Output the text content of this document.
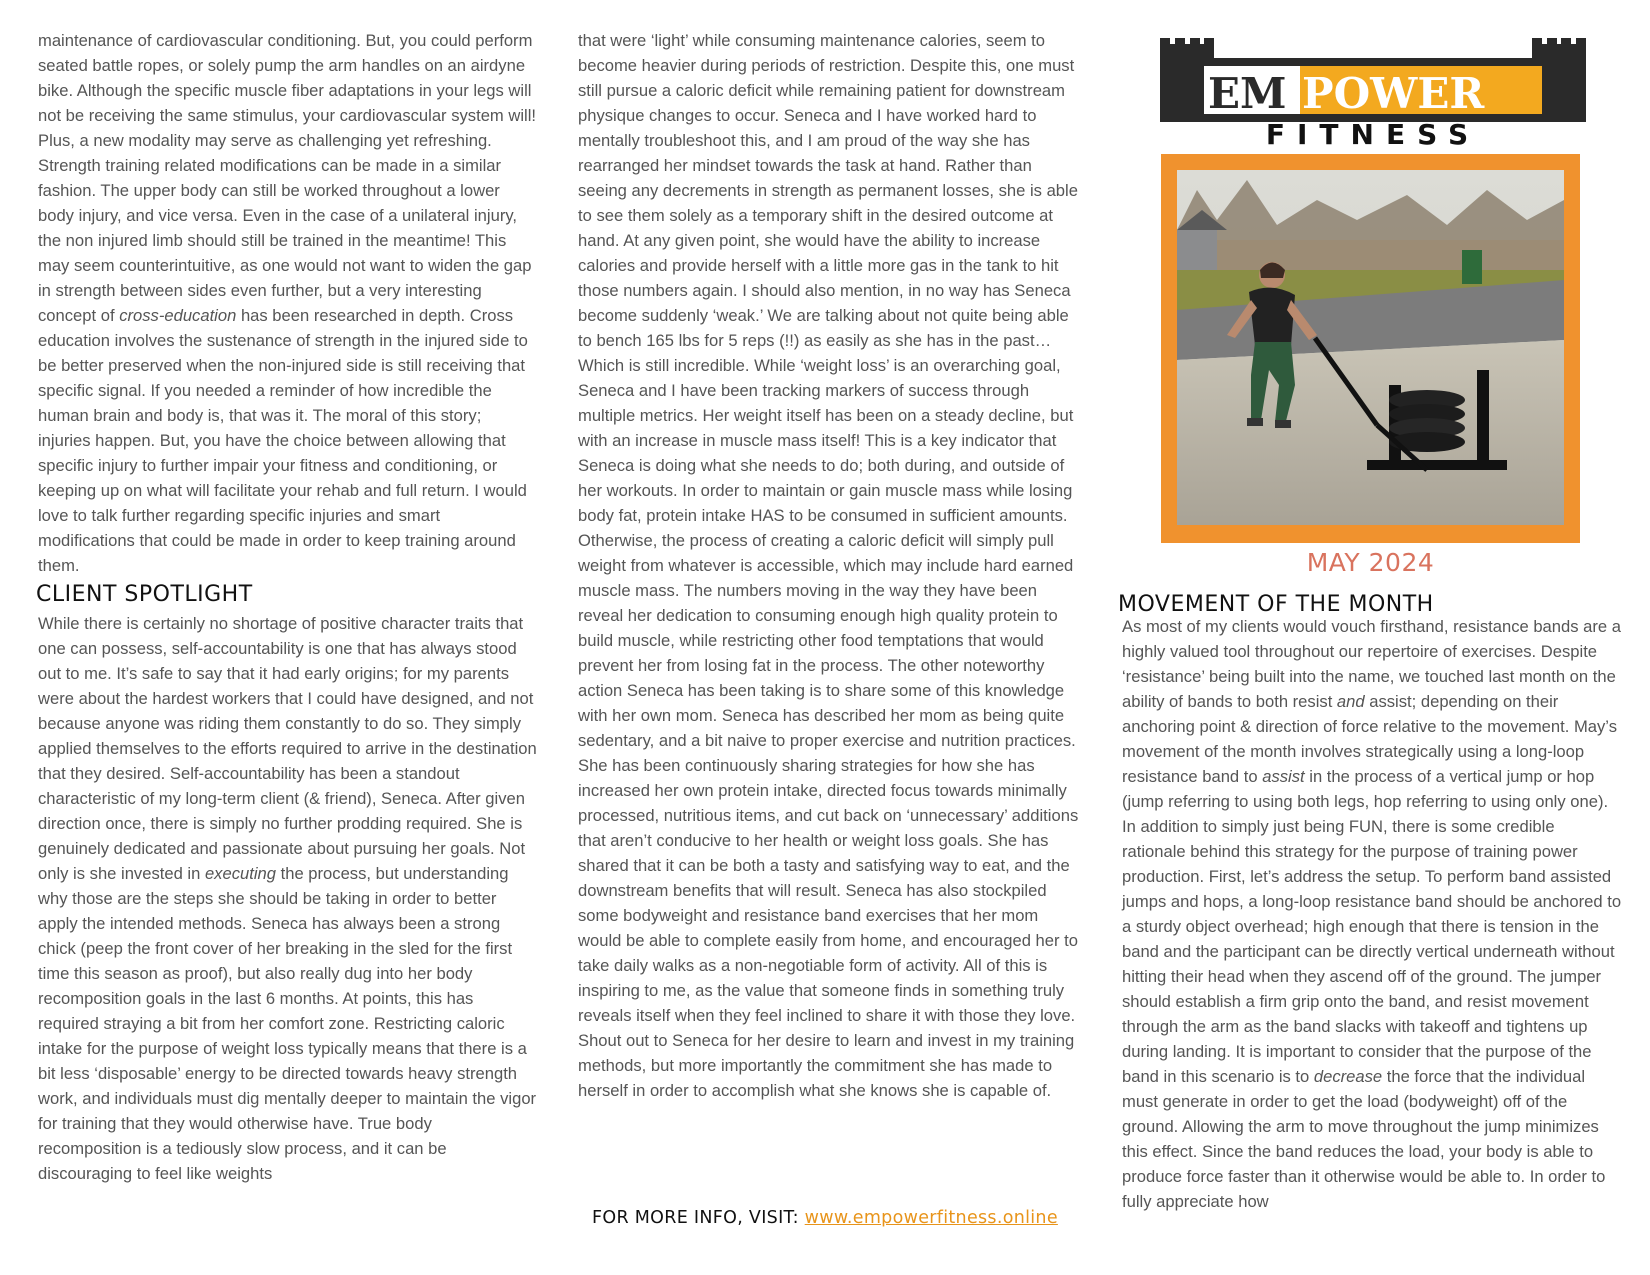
maintenance of cardiovascular conditioning. But, you could perform seated battle ropes, or solely pump the arm handles on an airdyne bike. Although the specific muscle fiber adaptations in your legs will not be receiving the same stimulus, your cardiovascular system will! Plus, a new modality may serve as challenging yet refreshing. Strength training related modifications can be made in a similar fashion. The upper body can still be worked throughout a lower body injury, and vice versa. Even in the case of a unilateral injury, the non injured limb should still be trained in the meantime! This may seem counterintuitive, as one would not want to widen the gap in strength between sides even further, but a very interesting concept of cross-education has been researched in depth. Cross education involves the sustenance of strength in the injured side to be better preserved when the non-injured side is still receiving that specific signal. If you needed a reminder of how incredible the human brain and body is, that was it. The moral of this story; injuries happen. But, you have the choice between allowing that specific injury to further impair your fitness and conditioning, or keeping up on what will facilitate your rehab and full return. I would love to talk further regarding specific injuries and smart modifications that could be made in order to keep training around them.

CLIENT SPOTLIGHT

While there is certainly no shortage of positive character traits that one can possess, self-accountability is one that has always stood out to me. It’s safe to say that it had early origins; for my parents were about the hardest workers that I could have designed, and not because anyone was riding them constantly to do so. They simply applied themselves to the efforts required to arrive in the destination that they desired. Self-accountability has been a standout characteristic of my long-term client (& friend), Seneca. After given direction once, there is simply no further prodding required. She is genuinely dedicated and passionate about pursuing her goals. Not only is she invested in executing the process, but understanding why those are the steps she should be taking in order to better apply the intended methods. Seneca has always been a strong chick (peep the front cover of her breaking in the sled for the first time this season as proof), but also really dug into her body recomposition goals in the last 6 months. At points, this has required straying a bit from her comfort zone. Restricting caloric intake for the purpose of weight loss typically means that there is a bit less ‘disposable’ energy to be directed towards heavy strength work, and individuals must dig mentally deeper to maintain the vigor for training that they would otherwise have. True body recomposition is a tediously slow process, and it can be discouraging to feel like weights

that were ‘light’ while consuming maintenance calories, seem to become heavier during periods of restriction. Despite this, one must still pursue a caloric deficit while remaining patient for downstream physique changes to occur. Seneca and I have worked hard to mentally troubleshoot this, and I am proud of the way she has rearranged her mindset towards the task at hand. Rather than seeing any decrements in strength as permanent losses, she is able to see them solely as a temporary shift in the desired outcome at hand. At any given point, she would have the ability to increase calories and provide herself with a little more gas in the tank to hit those numbers again. I should also mention, in no way has Seneca become suddenly ‘weak.’ We are talking about not quite being able to bench 165 lbs for 5 reps (!!) as easily as she has in the past…Which is still incredible. While ‘weight loss’ is an overarching goal, Seneca and I have been tracking markers of success through multiple metrics. Her weight itself has been on a steady decline, but with an increase in muscle mass itself! This is a key indicator that Seneca is doing what she needs to do; both during, and outside of her workouts. In order to maintain or gain muscle mass while losing body fat, protein intake HAS to be consumed in sufficient amounts. Otherwise, the process of creating a caloric deficit will simply pull weight from whatever is accessible, which may include hard earned muscle mass. The numbers moving in the way they have been reveal her dedication to consuming enough high quality protein to build muscle, while restricting other food temptations that would prevent her from losing fat in the process. The other noteworthy action Seneca has been taking is to share some of this knowledge with her own mom. Seneca has described her mom as being quite sedentary, and a bit naive to proper exercise and nutrition practices. She has been continuously sharing strategies for how she has increased her own protein intake, directed focus towards minimally processed, nutritious items, and cut back on ‘unnecessary’ additions that aren’t conducive to her health or weight loss goals. She has shared that it can be both a tasty and satisfying way to eat, and the downstream benefits that will result. Seneca has also stockpiled some bodyweight and resistance band exercises that her mom would be able to complete easily from home, and encouraged her to take daily walks as a non-negotiable form of activity. All of this is inspiring to me, as the value that someone finds in something truly reveals itself when they feel inclined to share it with those they love. Shout out to Seneca for her desire to learn and invest in my training methods, but more importantly the commitment she has made to herself in order to accomplish what she knows she is capable of.

FOR MORE INFO, VISIT: www.empowerfitness.online
EM POWER
FITNESS
MAY 2024
MOVEMENT OF THE MONTH

As most of my clients would vouch firsthand, resistance bands are a highly valued tool throughout our repertoire of exercises. Despite ‘resistance’ being built into the name, we touched last month on the ability of bands to both resist and assist; depending on their anchoring point & direction of force relative to the movement. May’s movement of the month involves strategically using a long-loop resistance band to assist in the process of a vertical jump or hop (jump referring to using both legs, hop referring to using only one). In addition to simply just being FUN, there is some credible rationale behind this strategy for the purpose of training power production. First, let’s address the setup. To perform band assisted jumps and hops, a long-loop resistance band should be anchored to a sturdy object overhead; high enough that there is tension in the band and the participant can be directly vertical underneath without hitting their head when they ascend off of the ground. The jumper should establish a firm grip onto the band, and resist movement through the arm as the band slacks with takeoff and tightens up during landing. It is important to consider that the purpose of the band in this scenario is to decrease the force that the individual must generate in order to get the load (bodyweight) off of the ground. Allowing the arm to move throughout the jump minimizes this effect. Since the band reduces the load, your body is able to produce force faster than it otherwise would be able to. In order to fully appreciate how
